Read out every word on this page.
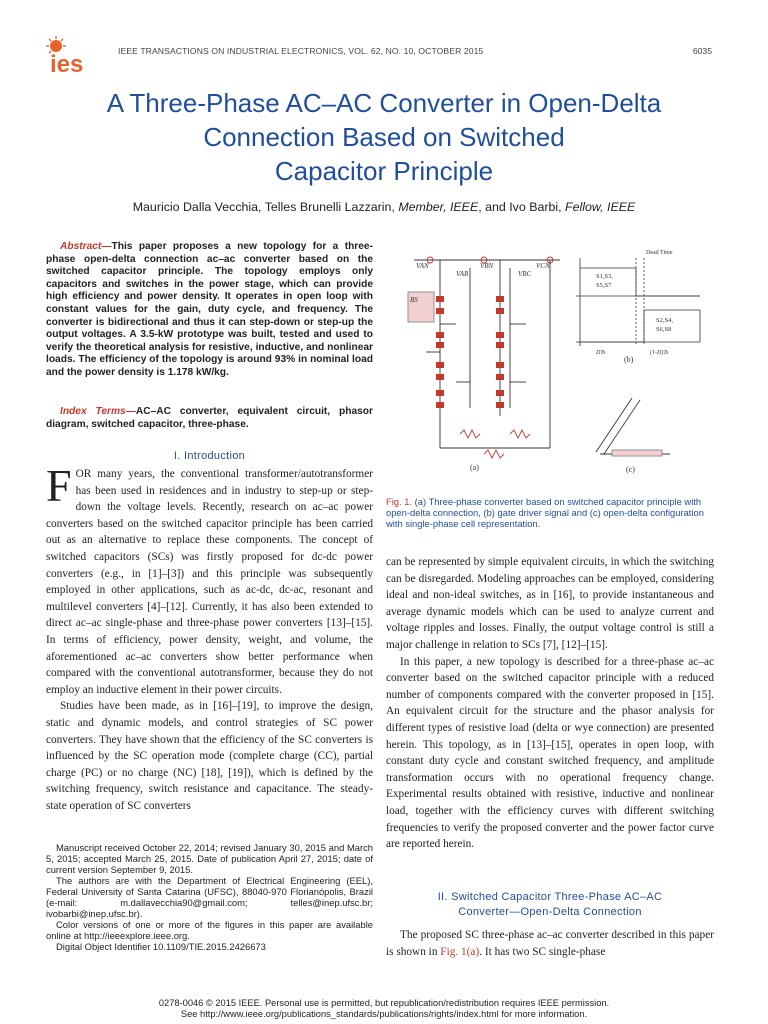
ies	IEEE TRANSACTIONS ON INDUSTRIAL ELECTRONICS, VOL. 62, NO. 10, OCTOBER 2015	6035
A Three-Phase AC–AC Converter in Open-Delta
Connection Based on Switched
Capacitor Principle
Mauricio Dalla Vecchia, Telles Brunelli Lazzarin, Member, IEEE, and Ivo Barbi, Fellow, IEEE
Abstract—This paper proposes a new topology for a three-phase open-delta connection ac–ac converter based on the switched capacitor principle. The topology employs only capacitors and switches in the power stage, which can provide high efficiency and power density. It operates in open loop with constant values for the gain, duty cycle, and frequency. The converter is bidirectional and thus it can step-down or step-up the output voltages. A 3.5-kW prototype was built, tested and used to verify the theoretical analysis for resistive, inductive, and nonlinear loads. The efficiency of the topology is around 93% in nominal load and the power density is 1.178 kW/kg.
Index Terms—AC–AC converter, equivalent circuit, phasor diagram, switched capacitor, three-phase.
I. Introduction

FOR many years, the conventional transformer/autotransformer has been used in residences and in industry to step-up or step-down the voltage levels. Recently, research on ac–ac power converters based on the switched capacitor principle has been carried out as an alternative to replace these components. The concept of switched capacitors (SCs) was firstly proposed for dc-dc power converters (e.g., in [1]–[3]) and this principle was subsequently employed in other applications, such as ac-dc, dc-ac, resonant and multilevel converters [4]–[12]. Currently, it has also been extended to direct ac–ac single-phase and three-phase power converters [13]–[15]. In terms of efficiency, power density, weight, and volume, the aforementioned ac–ac converters show better performance when compared with the conventional autotransformer, because they do not employ an inductive element in their power circuits.

Studies have been made, as in [16]–[19], to improve the design, static and dynamic models, and control strategies of SC power converters. They have shown that the efficiency of the SC converters is influenced by the SC operation mode (complete charge (CC), partial charge (PC) or no charge (NC) [18], [19]), which is defined by the switching frequency, switch resistance and capacitance. The steady-state operation of SC converters

Manuscript received October 22, 2014; revised January 30, 2015 and March 5, 2015; accepted March 25, 2015. Date of publication April 27, 2015; date of current version September 9, 2015.

The authors are with the Department of Electrical Engineering (EEL), Federal University of Santa Catarina (UFSC), 88040-970 Florianópolis, Brazil (e-mail: m.dallavecchia90@gmail.com; telles@inep.ufsc.br; ivobarbi@inep.ufsc.br).

Color versions of one or more of the figures in this paper are available online at http://ieeexplore.ieee.org.

Digital Object Identifier 10.1109/TIE.2015.2426673

VAN	VBN	VCN
VAB	VBC
BS
(a)
Dead Time
S1,S3,
S5,S7
S2,S4,
S6,S8
DTs	(1-D)Ts
(b)
(c)
Fig. 1. (a) Three-phase converter based on switched capacitor principle with open-delta connection, (b) gate driver signal and (c) open-delta configuration with single-phase cell representation.

can be represented by simple equivalent circuits, in which the switching can be disregarded. Modeling approaches can be employed, considering ideal and non-ideal switches, as in [16], to provide instantaneous and average dynamic models which can be used to analyze current and voltage ripples and losses. Finally, the output voltage control is still a major challenge in relation to SCs [7], [12]–[15].

In this paper, a new topology is described for a three-phase ac–ac converter based on the switched capacitor principle with a reduced number of components compared with the converter proposed in [15]. An equivalent circuit for the structure and the phasor analysis for different types of resistive load (delta or wye connection) are presented herein. This topology, as in [13]–[15], operates in open loop, with constant duty cycle and constant switched frequency, and amplitude transformation occurs with no operational frequency change. Experimental results obtained with resistive, inductive and nonlinear load, together with the efficiency curves with different switching frequencies to verify the proposed converter and the power factor curve are reported herein.

II. Switched Capacitor Three-Phase AC–AC
Converter—Open-Delta Connection

The proposed SC three-phase ac–ac converter described in this paper is shown in Fig. 1(a). It has two SC single-phase

0278-0046 © 2015 IEEE. Personal use is permitted, but republication/redistribution requires IEEE permission.
See http://www.ieee.org/publications_standards/publications/rights/index.html for more information.
